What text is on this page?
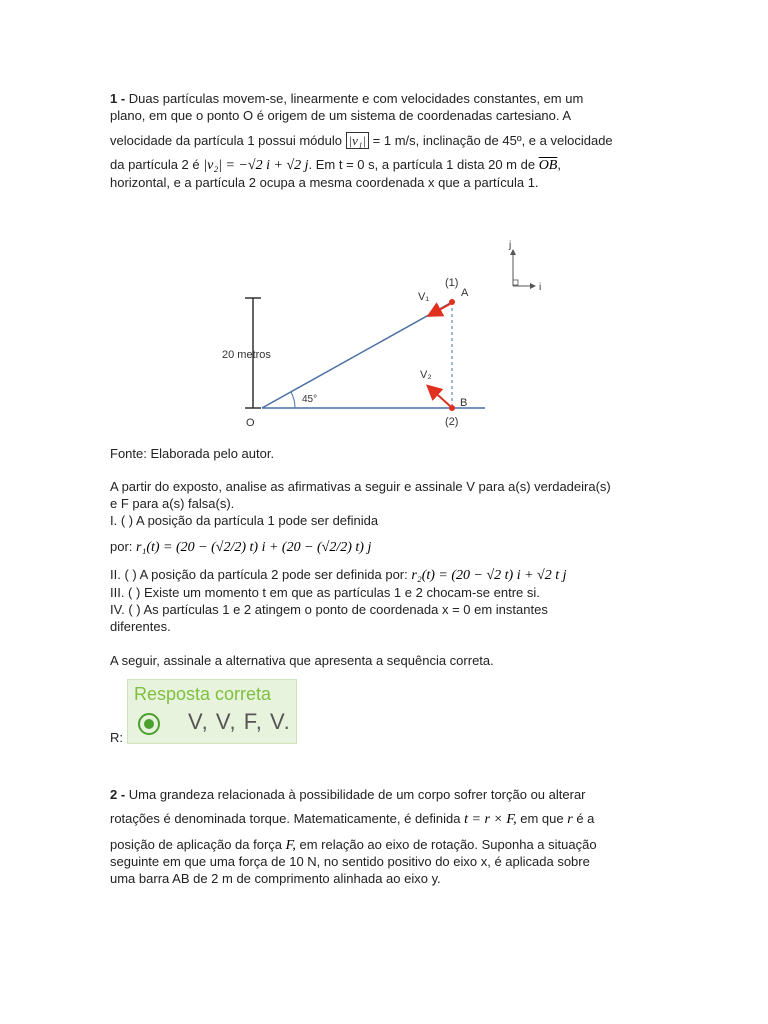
1 - Duas partículas movem-se, linearmente e com velocidades constantes, em um
plano, em que o ponto O é origem de um sistema de coordenadas cartesiano. A
velocidade da partícula 1 possui módulo |v₁| = 1 m/s, inclinação de 45º, e a velocidade
da partícula 2 é |v₂| = −√2 i + √2 j. Em t = 0 s, a partícula 1 dista 20 m de $\overline{OB}$,
horizontal, e a partícula 2 ocupa a mesma coordenada x que a partícula 1.
20 metros
45°
O
A
B
(1)
(2)
V₁
V₂
j
i
Fonte: Elaborada pelo autor.
A partir do exposto, analise as afirmativas a seguir e assinale V para a(s) verdadeira(s)
e F para a(s) falsa(s).
I. ( ) A posição da partícula 1 pode ser definida
por: r₁(t) = (20 − (√2/2) t) i + (20 − (√2/2) t) j
II. ( ) A posição da partícula 2 pode ser definida por: r₂(t) = (20 − √2 t) i + √2 t j
III. ( ) Existe um momento t em que as partículas 1 e 2 chocam-se entre si.
IV. ( ) As partículas 1 e 2 atingem o ponto de coordenada x = 0 em instantes
diferentes.
A seguir, assinale a alternativa que apresenta a sequência correta.
R:
Resposta correta
V, V, F, V.
2 - Uma grandeza relacionada à possibilidade de um corpo sofrer torção ou alterar
rotações é denominada torque. Matematicamente, é definida t = r × F, em que r é a
posição de aplicação da força F, em relação ao eixo de rotação. Suponha a situação
seguinte em que uma força de 10 N, no sentido positivo do eixo x, é aplicada sobre
uma barra AB de 2 m de comprimento alinhada ao eixo y.
